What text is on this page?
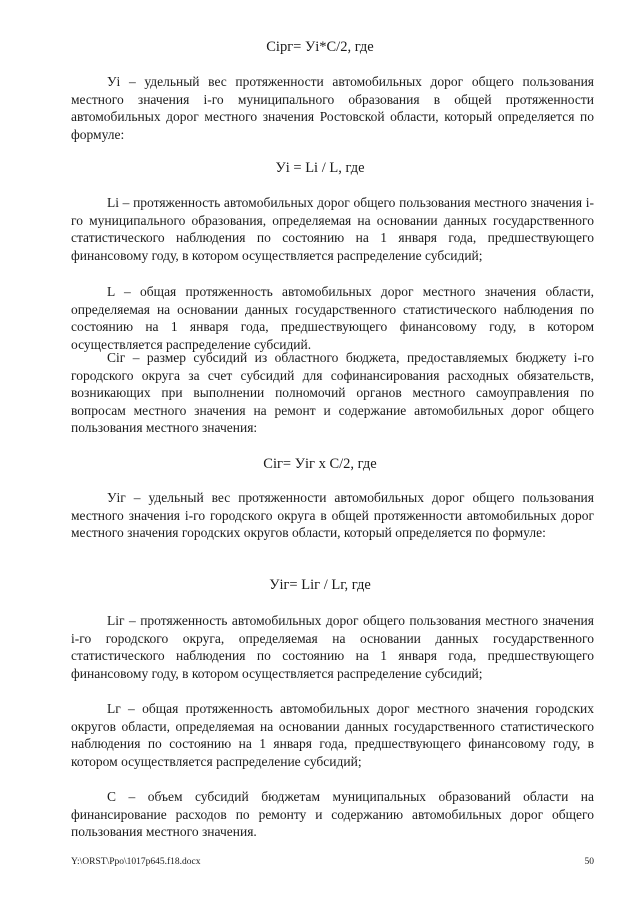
Сiрг= Уi*С/2, где
Уi – удельный вес протяженности автомобильных дорог общего пользования местного значения i-го муниципального образования в общей протяженности автомобильных дорог местного значения Ростовской области, который определяется по формуле:
Уi = Li / L, где
Li – протяженность автомобильных дорог общего пользования местного значения i-го муниципального образования, определяемая на основании данных государственного статистического наблюдения по состоянию на 1 января года, предшествующего финансовому году, в котором осуществляется распределение субсидий;
L – общая протяженность автомобильных дорог местного значения области, определяемая на основании данных государственного статистического наблюдения по состоянию на 1 января года, предшествующего финансовому году, в котором осуществляется распределение субсидий.
Сiг – размер субсидий из областного бюджета, предоставляемых бюджету i-го городского округа за счет субсидий для софинансирования расходных обязательств, возникающих при выполнении полномочий органов местного самоуправления по вопросам местного значения на ремонт и содержание автомобильных дорог общего пользования местного значения:
Сiг= Уiг х С/2, где
Уiг – удельный вес протяженности автомобильных дорог общего пользования местного значения i-го городского округа в общей протяженности автомобильных дорог местного значения городских округов области, который определяется по формуле:
Уiг= Liг / Lг, где
Liг – протяженность автомобильных дорог общего пользования местного значения i-го городского округа, определяемая на основании данных государственного статистического наблюдения по состоянию на 1 января года, предшествующего финансовому году, в котором осуществляется распределение субсидий;
Lг – общая протяженность автомобильных дорог местного значения городских округов области, определяемая на основании данных государственного статистического наблюдения по состоянию на 1 января года, предшествующего финансовому году, в котором осуществляется распределение субсидий;
С – объем субсидий бюджетам муниципальных образований области на финансирование расходов по ремонту и содержанию автомобильных дорог общего пользования местного значения.
Y:\ORST\Ppo\1017p645.f18.docx	50
